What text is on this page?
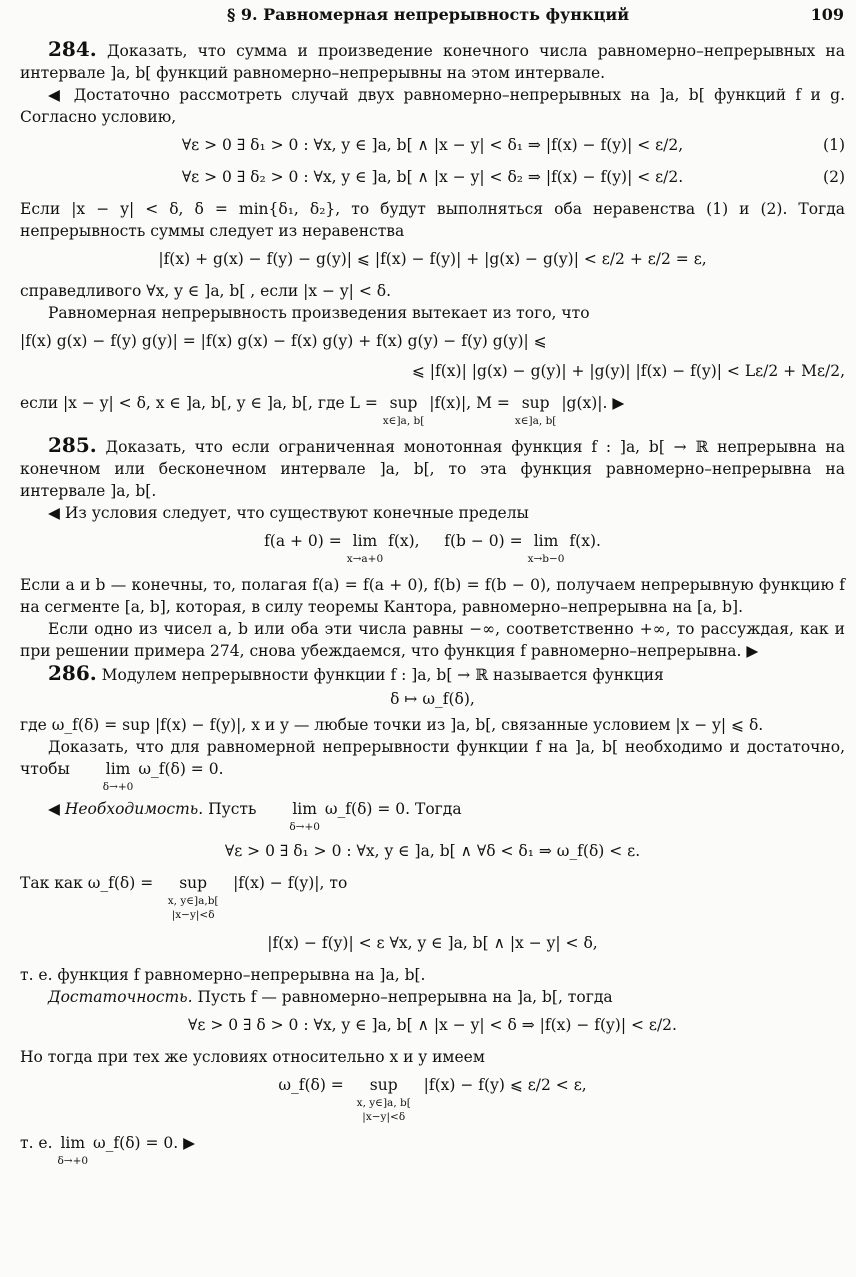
§ 9. Равномерная непрерывность функций	109

284. Доказать, что сумма и произведение конечного числа равномерно–непрерывных на интервале ]a, b[ функций равномерно–непрерывны на этом интервале.

◀ Достаточно рассмотреть случай двух равномерно–непрерывных на ]a, b[ функций f и g. Согласно условию,

∀ε > 0 ∃ δ₁ > 0 : ∀x, y ∈ ]a, b[ ∧ |x − y| < δ₁ ⇒ |f(x) − f(y)| < ε/2,	(1)
∀ε > 0 ∃ δ₂ > 0 : ∀x, y ∈ ]a, b[ ∧ |x − y| < δ₂ ⇒ |f(x) − f(y)| < ε/2.	(2)

Если |x − y| < δ, δ = min{δ₁, δ₂}, то будут выполняться оба неравенства (1) и (2). Тогда непрерывность суммы следует из неравенства

|f(x) + g(x) − f(y) − g(y)| ⩽ |f(x) − f(y)| + |g(x) − g(y)| < ε/2 + ε/2 = ε,

справедливого ∀x, y ∈ ]a, b[ , если |x − y| < δ.

Равномерная непрерывность произведения вытекает из того, что

|f(x) g(x) − f(y) g(y)| = |f(x) g(x) − f(x) g(y) + f(x) g(y) − f(y) g(y)| ⩽
⩽ |f(x)| |g(x) − g(y)| + |g(y)| |f(x) − f(y)| < Lε/2 + Mε/2,

если |x − y| < δ, x ∈ ]a, b[, y ∈ ]a, b[, где L = sup
x∈]a, b[
|f(x)|, M = sup
x∈]a, b[
|g(x)|. ▶

285. Доказать, что если ограниченная монотонная функция f : ]a, b[ → ℝ непрерывна на конечном или бесконечном интервале ]a, b[, то эта функция равномерно–непрерывна на интервале ]a, b[.

◀ Из условия следует, что существуют конечные пределы

f(a + 0) = lim
x→a+0
f(x),     f(b − 0) = lim
x→b−0
f(x).

Если a и b — конечны, то, полагая f(a) = f(a + 0), f(b) = f(b − 0), получаем непрерывную функцию f на сегменте [a, b], которая, в силу теоремы Кантора, равномерно–непрерывна на [a, b].

Если одно из чисел a, b или оба эти числа равны −∞, соответственно +∞, то рассуждая, как и при решении примера 274, снова убеждаемся, что функция f равномерно–непрерывна. ▶

286. Модулем непрерывности функции f : ]a, b[ → ℝ называется функция

δ ↦ ω_f(δ),

где ω_f(δ) = sup |f(x) − f(y)|, x и y — любые точки из ]a, b[, связанные условием |x − y| ⩽ δ.

Доказать, что для равномерной непрерывности функции f на ]a, b[ необходимо и достаточно, чтобы	lim
δ→+0
ω_f(δ) = 0.

◀ Необходимость. Пусть	lim
δ→+0
ω_f(δ) = 0. Тогда

∀ε > 0 ∃ δ₁ > 0 : ∀x, y ∈ ]a, b[ ∧ ∀δ < δ₁ ⇒ ω_f(δ) < ε.

Так как ω_f(δ) =	sup
x, y∈]a,b[ |x−y|<δ
|f(x) − f(y)|, то

|f(x) − f(y)| < ε ∀x, y ∈ ]a, b[ ∧ |x − y| < δ,

т. е. функция f равномерно–непрерывна на ]a, b[.

Достаточность. Пусть f — равномерно–непрерывна на ]a, b[, тогда

∀ε > 0 ∃ δ > 0 : ∀x, y ∈ ]a, b[ ∧ |x − y| < δ ⇒ |f(x) − f(y)| < ε/2.

Но тогда при тех же условиях относительно x и y имеем

ω_f(δ) =	sup
x, y∈]a, b[ |x−y|<δ
|f(x) − f(y) ⩽ ε/2 < ε,

т. е. lim
δ→+0
ω_f(δ) = 0. ▶
